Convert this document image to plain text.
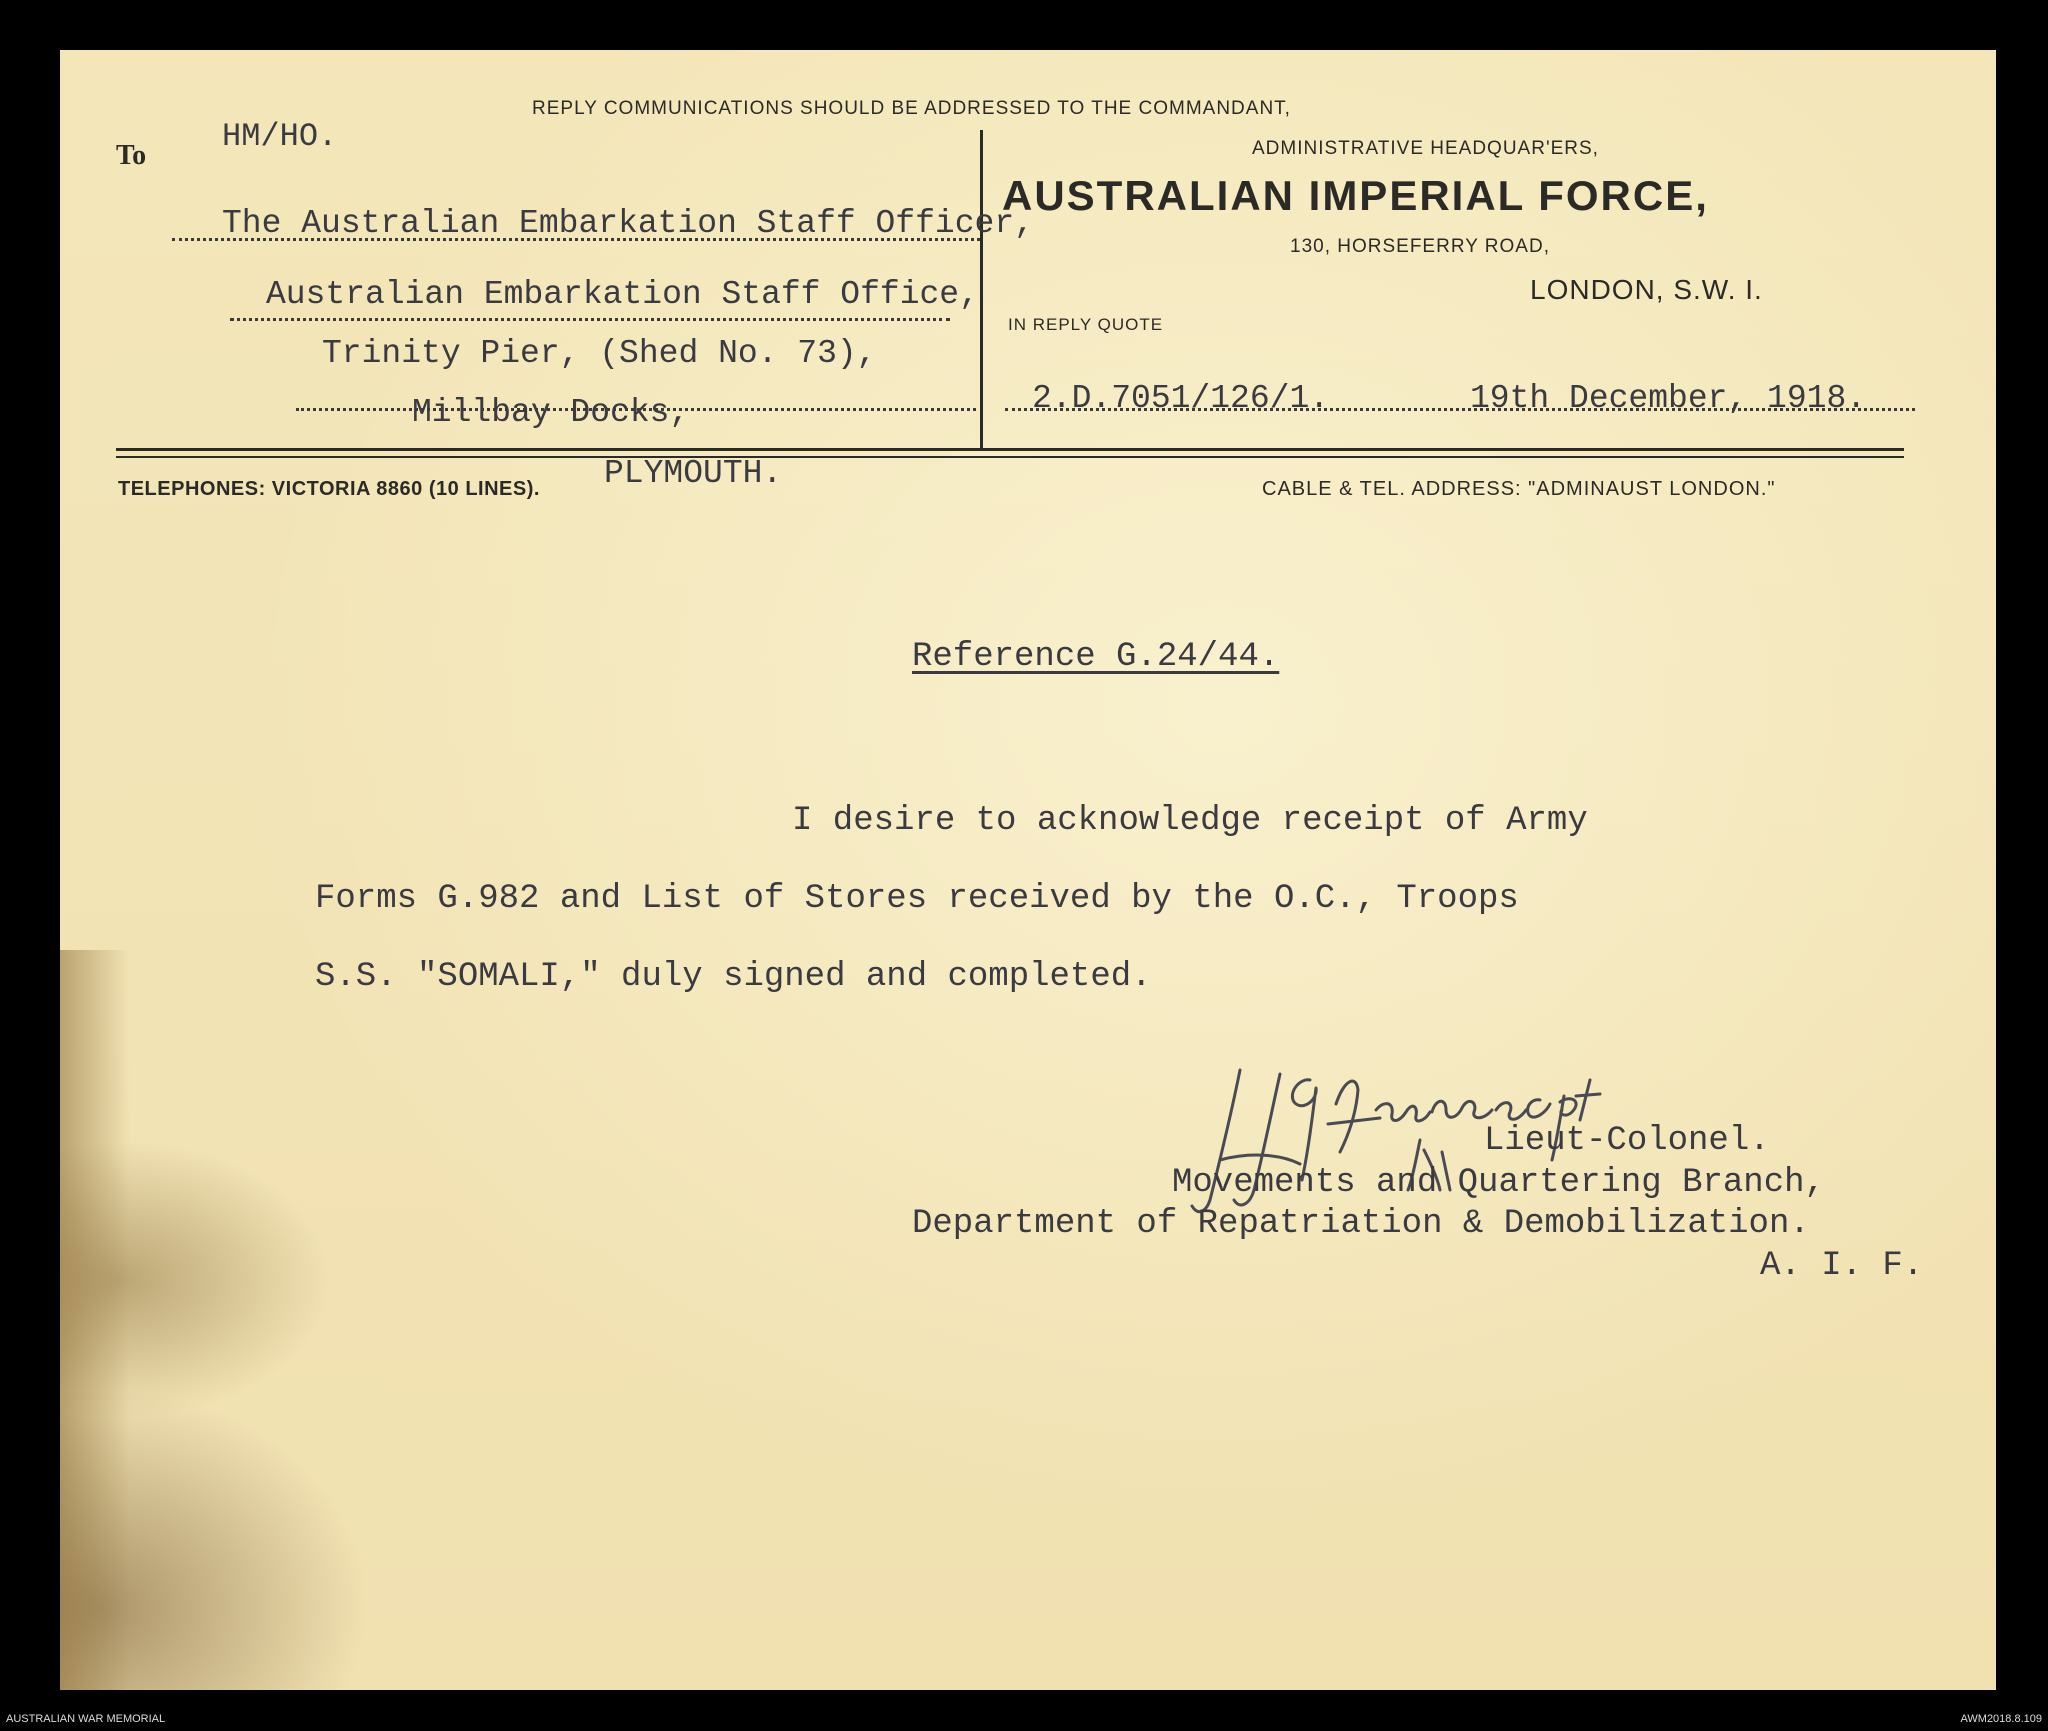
REPLY COMMUNICATIONS SHOULD BE ADDRESSED TO THE COMMANDANT,
To	ADMINISTRATIVE HEADQUAR'ERS,
AUSTRALIAN IMPERIAL FORCE,
130, HORSEFERRY ROAD,
LONDON, S.W. I.
IN REPLY QUOTE
TELEPHONES: VICTORIA 8860 (10 LINES).	CABLE & TEL. ADDRESS: "ADMINAUST LONDON."
HM/HO.
The Australian Embarkation Staff Officer,
Australian Embarkation Staff Office,
Trinity Pier, (Shed No. 73),
Millbay Docks,
PLYMOUTH.
2.D.7051/126/1.	19th December, 1918.
Reference G.24/44.
I desire to acknowledge receipt of Army
Forms G.982 and List of Stores received by the O.C., Troops
S.S. "SOMALI," duly signed and completed.
Lieut-Colonel.
Movements and Quartering Branch,
Department of Repatriation & Demobilization.
A. I. F.
AUSTRALIAN WAR MEMORIAL	AWM2018.8.109
